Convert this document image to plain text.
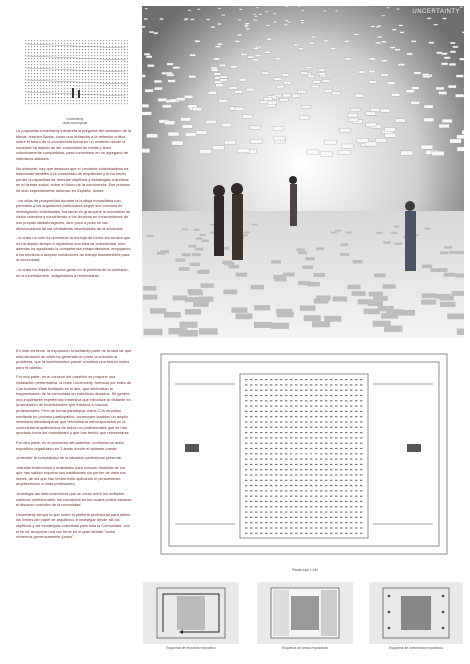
Uncertainty
vista conceptual
UNCERTAINTY

La propuesta Uncertainty interpreta la pregunta del comisario de la bienal, Hashim Sarkis, como una invitación a la reflexión crítica sobre el futuro de la convivencia social en un contexto donde la sociedad ha dejado de ser comunidad de metas y fines colectivamente compartidos, para convertirse en un agregado de individuos aislados.

No obstante, hay que destacar que el creciente individualismo ha trastocado también a la comunidad de arquitectos y le ha hecho perder la capacidad de formular objetivos y estrategias colectivas en el debate social, sobre el futuro de la convivencia. Ese proceso ha sido especialmente doloroso en España, donde:

- los años de prosperidad durante la burbuja inmobiliaria han permitido a los arquitectos particulares seguir sus caminos de investigación individuales, borrando en gran parte la necesidad de visión colectiva y convirtiendo a los técnicos en consumidores de sus propias ideas/imágenes, sino poco a poco se van desvinculando de las verdaderas necesidades de la sociedad;

- la crisis no solo ha reventado la burbuja de forma tan brusca que no ha dejado tiempo a replantear una idea de colectividad, sino además ha agudizado la competencia intraprofesional, empujando a los técnicos a aceptar condiciones de trabajo insostenibles para la comunidad;

- la crisis ha dejado a mucha gente en la periferia de la profesión, en la incertidumbre, obligándoles a reinventarse.

En este contexto, la exposición Uncertainty parte de la idea de que esta situación de crisis ha generado en parte la solución al problema, que la incertidumbre puede constituir una fuerza motriz para el cambio.

Por una parte, en el corazón del pabellón se propone una instalación performativa, la nube Uncertainty, formada por miles de Currículums Vitae levitando en el aire, que simbolizan la fragmentación de la comunidad en individuos aislados. Se genera una inquietante experiencia inmersiva que introduce al visitante en la sensación de incertidumbre que trastoca a muchos profesionales. Pero de forma paradójica, estos CVs reunidos mediante un proceso participativo, construyen también un amplio inventario intradisciplinar que reivindica la reincorporación en la comunidad arquitectónica de todos los profesionales que se han quedado fuera del mainstream y que han tenido que reinventarse.

Por otra parte, en el perímetro del pabellón, conforma un anillo expositivo organizado en 3 áreas donde el visitante puede:

-entender la complejidad de la situación profesional presente;

-estudiar testimonios y realidades para conocer historias de los que han sabido exportar sus habilidades sin perder de vista sus raíces, de los que han tenido éxito aplicando el pensamiento arquitectónico a otras profesiones;

-investigar las interconexiones que se crean entre los múltiples caminos profesionales, los conceptos en los cuales podría basarse el discurso colectivo de la comunidad.

Uncertainty arropa lo que sobre la periferia profesional para definir los límites del papel de arquitecto, e investigar desde allí los objetivos y las estrategias colectivas para toda la Comunidad, con el fin de recuperar una voz firme en el gran debate "cómo viviremos generosamente juntos".

NUBE UNCERTAINTY
Planta baja 1:150
Esquema de recorrido expositivo	Esquema de áreas expositivas	Esquema de contenidos expositivos
